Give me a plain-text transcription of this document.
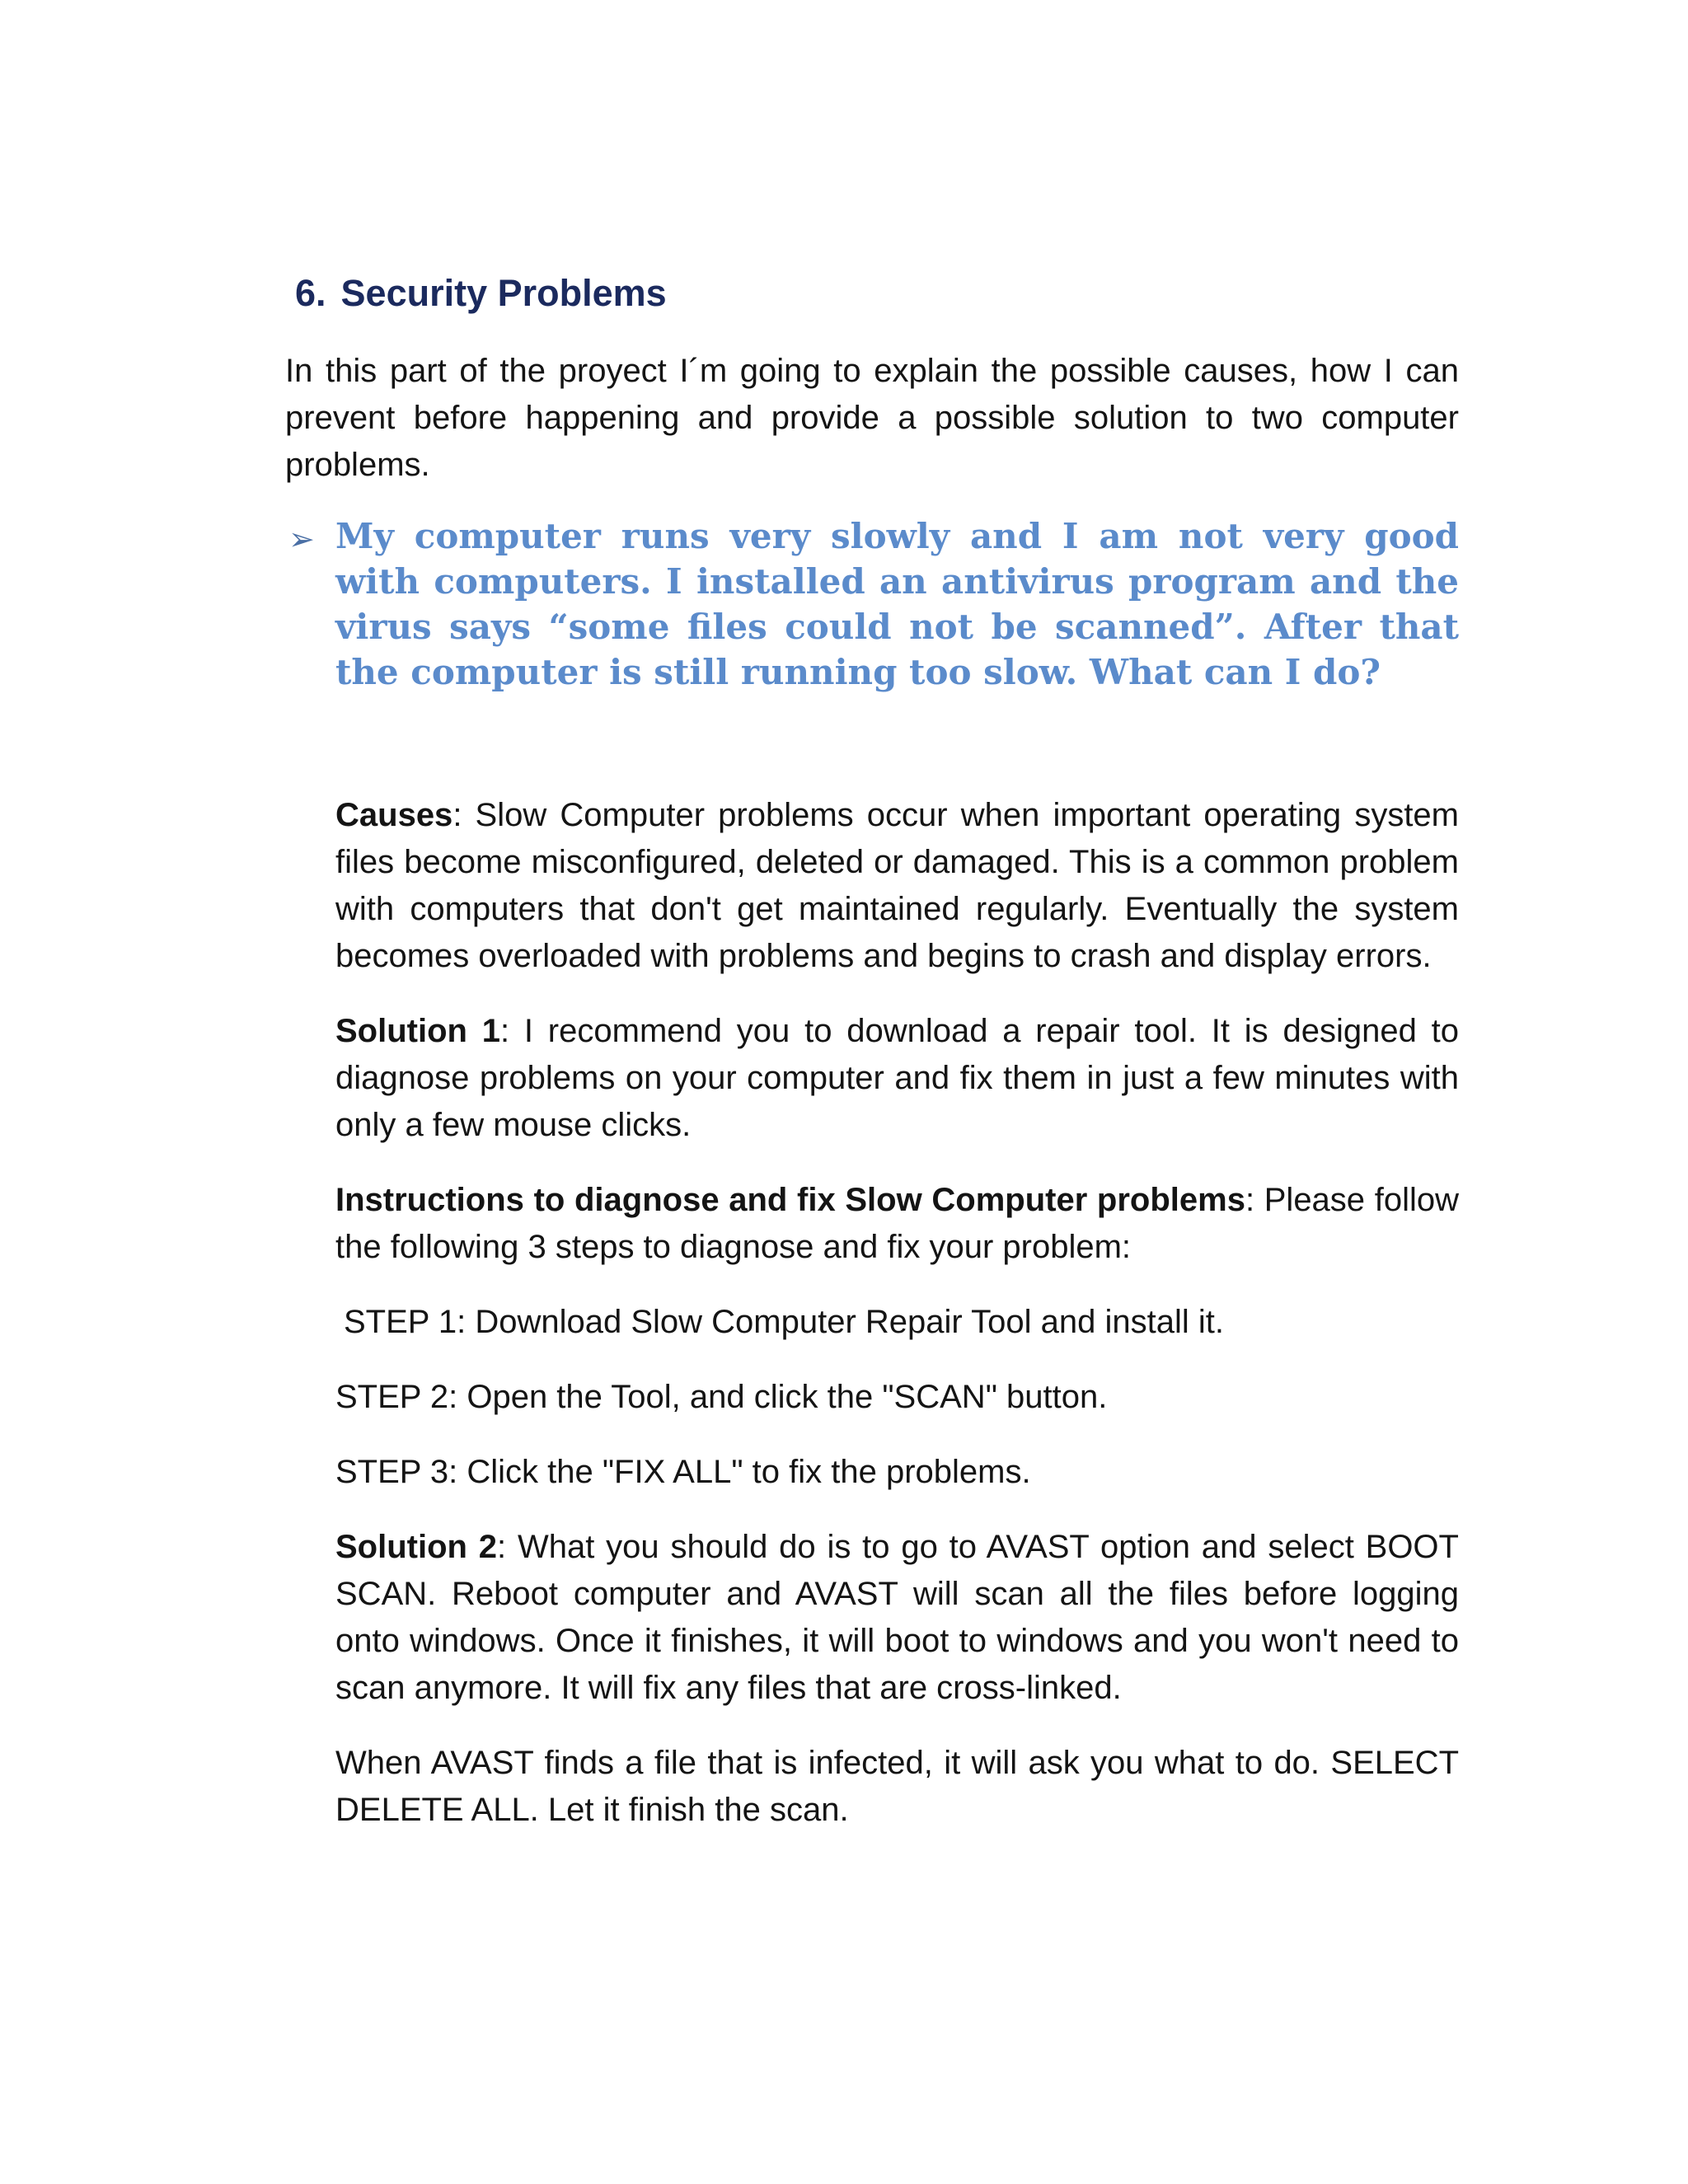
6. Security Problems

In this part of the proyect I´m going to explain the possible causes, how I can prevent before happening and provide a possible solution to two computer problems.

➢ My computer runs very slowly and I am not very good with computers. I installed an antivirus program and the virus says “some files could not be scanned”. After that the computer is still running too slow. What can I do?

Causes: Slow Computer problems occur when important operating system files become misconfigured, deleted or damaged. This is a common problem with computers that don't get maintained regularly. Eventually the system becomes overloaded with problems and begins to crash and display errors.

Solution 1: I recommend you to download a repair tool. It is designed to diagnose problems on your computer and fix them in just a few minutes with only a few mouse clicks.

Instructions to diagnose and fix Slow Computer problems: Please follow the following 3 steps to diagnose and fix your problem:

STEP 1: Download Slow Computer Repair Tool and install it.

STEP 2: Open the Tool, and click the "SCAN" button.

STEP 3: Click the "FIX ALL" to fix the problems.

Solution 2: What you should do is to go to AVAST option and select BOOT SCAN. Reboot computer and AVAST will scan all the files before logging onto windows. Once it finishes, it will boot to windows and you won't need to scan anymore. It will fix any files that are cross-linked.

When AVAST finds a file that is infected, it will ask you what to do. SELECT DELETE ALL. Let it finish the scan.
